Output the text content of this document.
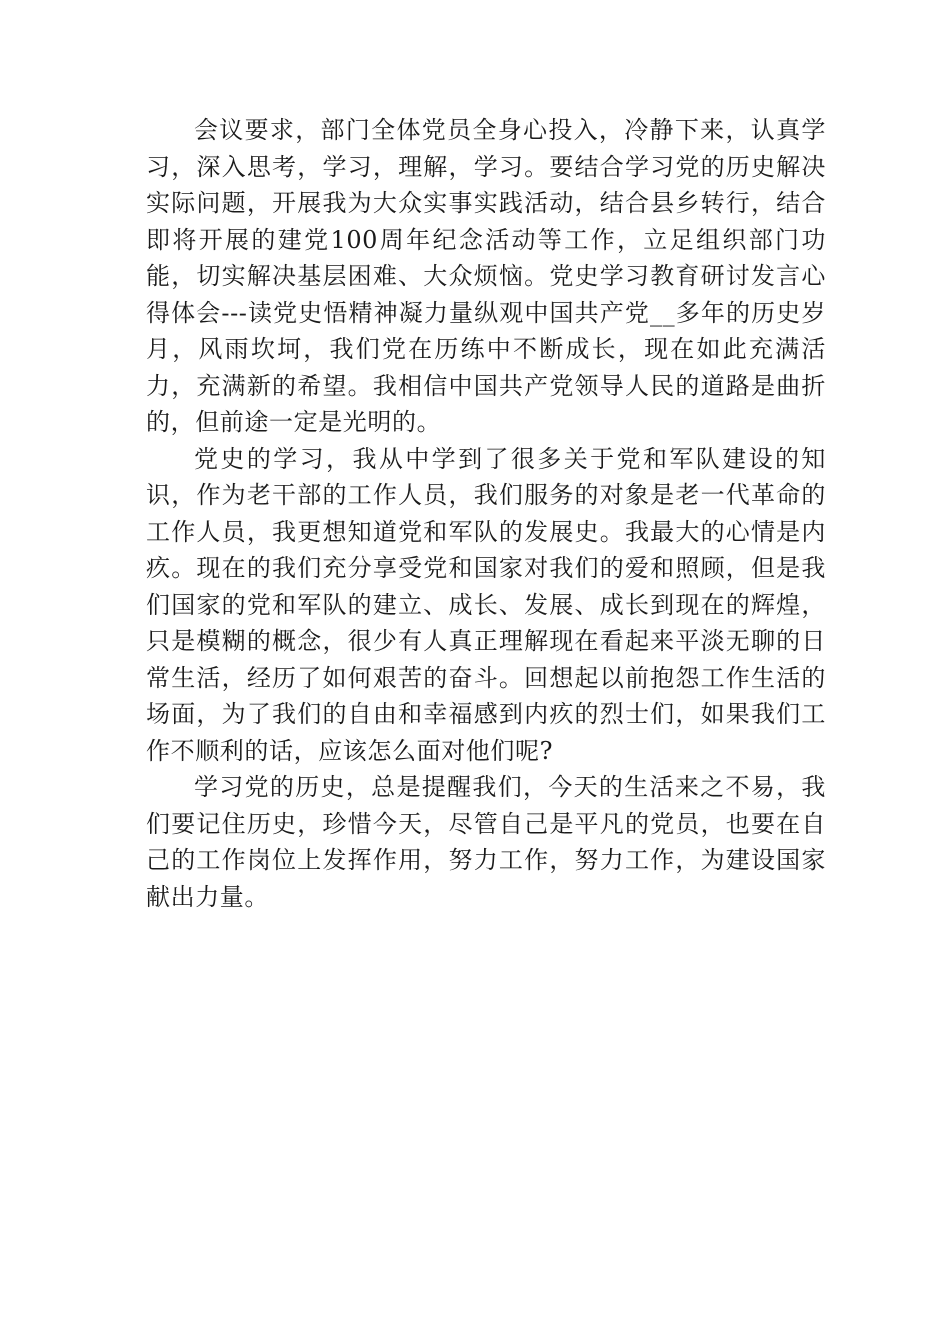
会议要求，部门全体党员全身心投入，冷静下来，认真学习，深入思考，学习，理解，学习。要结合学习党的历史解决实际问题，开展我为大众实事实践活动，结合县乡转行，结合即将开展的建党100周年纪念活动等工作，立足组织部门功能，切实解决基层困难、大众烦恼。党史学习教育研讨发言心得体会---读党史悟精神凝力量纵观中国共产党__多年的历史岁月，风雨坎坷，我们党在历练中不断成长，现在如此充满活力，充满新的希望。我相信中国共产党领导人民的道路是曲折的，但前途一定是光明的。

党史的学习，我从中学到了很多关于党和军队建设的知识，作为老干部的工作人员，我们服务的对象是老一代革命的工作人员，我更想知道党和军队的发展史。我最大的心情是内疚。现在的我们充分享受党和国家对我们的爱和照顾，但是我们国家的党和军队的建立、成长、发展、成长到现在的辉煌，只是模糊的概念，很少有人真正理解现在看起来平淡无聊的日常生活，经历了如何艰苦的奋斗。回想起以前抱怨工作生活的场面，为了我们的自由和幸福感到内疚的烈士们，如果我们工作不顺利的话，应该怎么面对他们呢?

学习党的历史，总是提醒我们，今天的生活来之不易，我们要记住历史，珍惜今天，尽管自己是平凡的党员，也要在自己的工作岗位上发挥作用，努力工作，努力工作，为建设国家献出力量。
